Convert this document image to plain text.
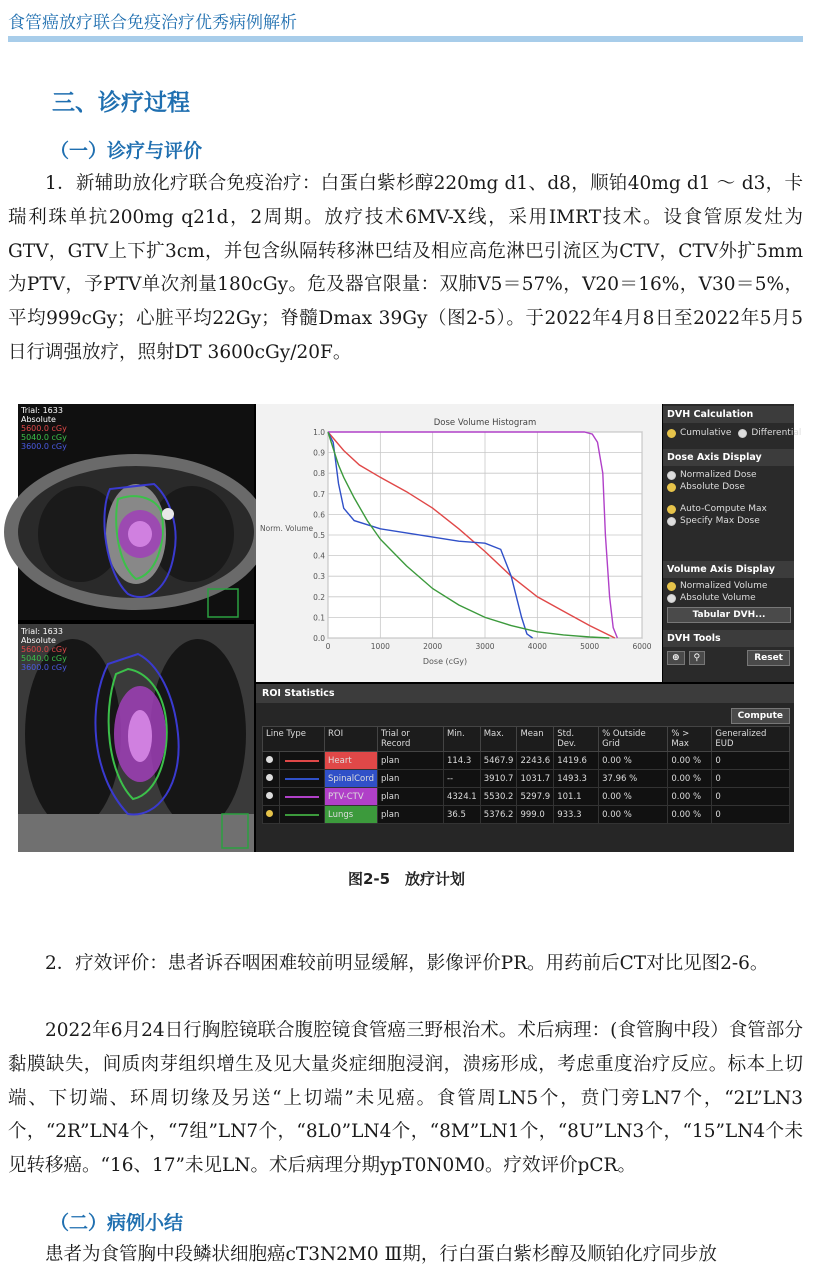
食管癌放疗联合免疫治疗优秀病例解析
三、诊疗过程
（一）诊疗与评价

1．新辅助放化疗联合免疫治疗：白蛋白紫杉醇220mg d1、d8，顺铂40mg d1 ～ d3，卡瑞利珠单抗200mg q21d，2周期。放疗技术6MV-X线，采用IMRT技术。设食管原发灶为GTV，GTV上下扩3cm，并包含纵隔转移淋巴结及相应高危淋巴引流区为CTV，CTV外扩5mm为PTV，予PTV单次剂量180cGy。危及器官限量：双肺V5＝57%，V20＝16%，V30＝5%，平均999cGy；心脏平均22Gy；脊髓Dmax 39Gy（图2-5）。于2022年4月8日至2022年5月5日行调强放疗，照射DT 3600cGy/20F。

Trial: 1633
Absolute
5600.0 cGy
5040.0 cGy
3600.0 cGy
Trial: 1633
Absolute
5600.0 cGy
5040.0 cGy
3600.0 cGy
0	1000	2000	3000	4000	5000	6000
0.0
0.1
0.2
0.3
0.4
0.5
0.6
0.7
0.8
0.9
1.0
Dose Volume Histogram
Dose (cGy)
Norm. Volume
DVH Calculation
Cumulative Differential
Dose Axis Display
Normalized Dose
Absolute Dose
Auto-Compute Max
Specify Max Dose
Volume Axis Display
Normalized Volume
Absolute Volume
Tabular DVH...
DVH Tools
⊕	⚲	Reset
ROI Statistics
Compute
Line Type		ROI	Trial or Record	Min.	Max.	Mean	Std. Dev.	% Outside Grid	% > Max	Generalized EUD

	Heart	plan	114.3	5467.9	2243.6	1419.6	0.00 %	0.00 %	0

	SpinalCord	plan	--	3910.7	1031.7	1493.3	37.96 %	0.00 %	0

	PTV-CTV	plan	4324.1	5530.2	5297.9	101.1	0.00 %	0.00 %	0

	Lungs	plan	36.5	5376.2	999.0	933.3	0.00 %	0.00 %	0
图2-5　放疗计划

2．疗效评价：患者诉吞咽困难较前明显缓解，影像评价PR。用药前后CT对比见图2-6。

2022年6月24日行胸腔镜联合腹腔镜食管癌三野根治术。术后病理：(食管胸中段）食管部分黏膜缺失，间质肉芽组织增生及见大量炎症细胞浸润，溃疡形成，考虑重度治疗反应。标本上切端、下切端、环周切缘及另送“上切端”未见癌。食管周LN5个，贲门旁LN7个，“2L”LN3个，“2R”LN4个，“7组”LN7个，“8L0”LN4个，“8M”LN1个，“8U”LN3个，“15”LN4个未见转移癌。“16、17”未见LN。术后病理分期ypT0N0M0。疗效评价pCR。

（二）病例小结

患者为食管胸中段鳞状细胞癌cT3N2M0 Ⅲ期，行白蛋白紫杉醇及顺铂化疗同步放
